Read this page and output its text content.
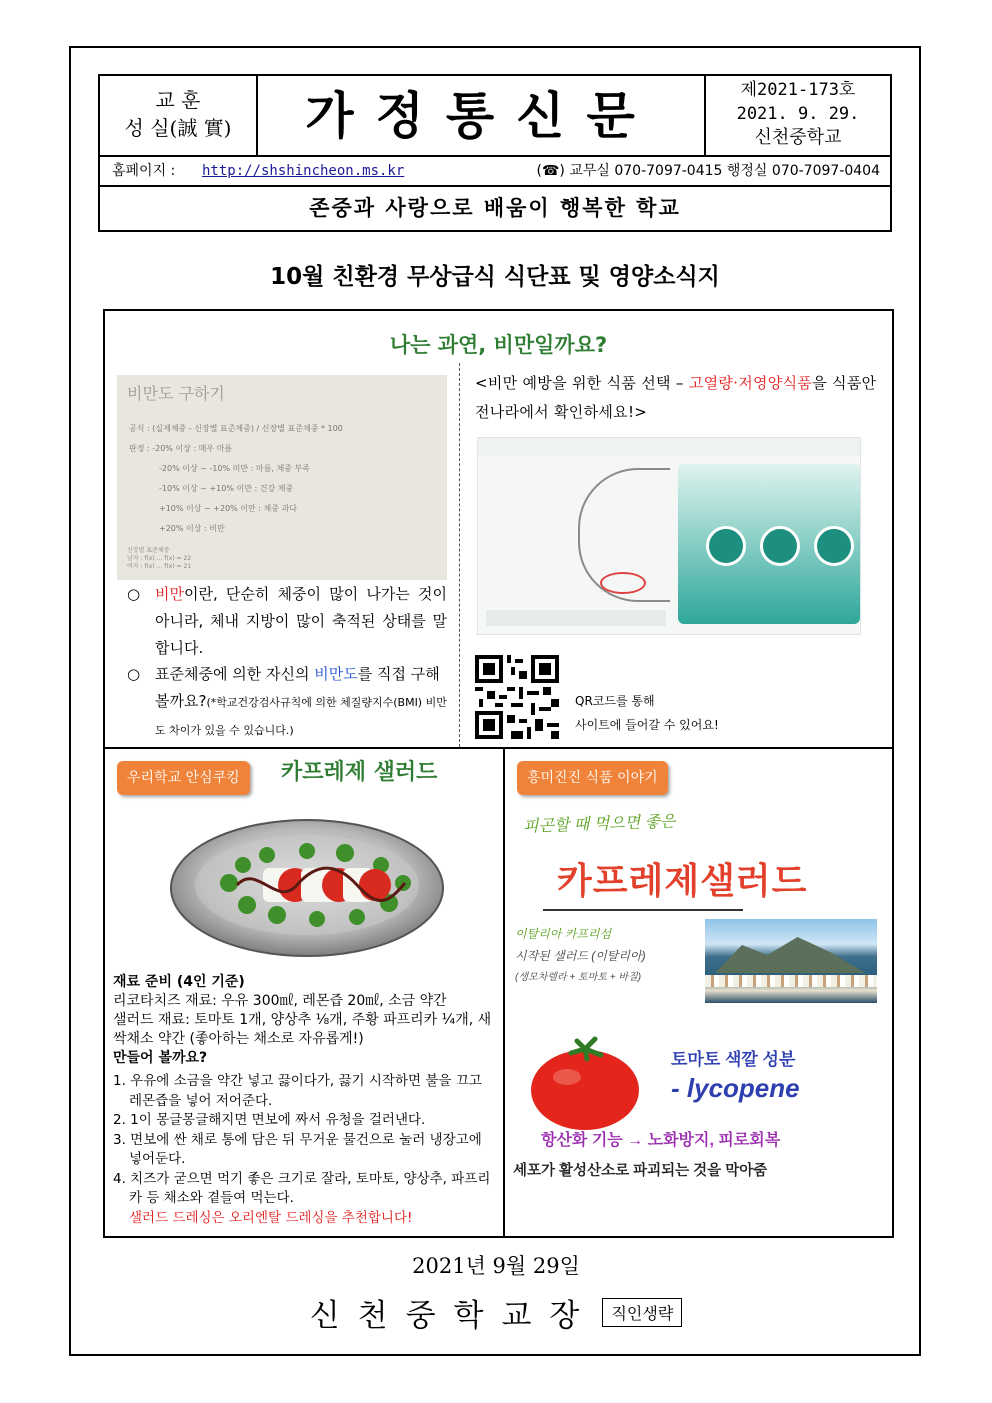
교 훈
성 실(誠 實)	가정통신문	제2021-173호
2021. 9. 29.
신천중학교
홈페이지 : http://shshincheon.ms.kr	(☎) 교무실 070-7097-0415 행정실 070-7097-0404
존중과 사랑으로 배움이 행복한 학교
10월 친환경 무상급식 식단표 및 영양소식지
나는 과연, 비만일까요?
비만도 구하기
공식 : (실제체중 - 신장별 표준체중) / 신장별 표준체중 * 100
판정 : -20% 이상 : 매우 마름
-20% 이상 ~ -10% 미만 : 마름, 체중 부족
-10% 이상 ~ +10% 이만 : 건강 체중
+10% 이상 ~ +20% 이만 : 체중 과다
+20% 이상 : 비만
신장별 표준체중
남자 : f(x) ... f(x) = 22
여자 : f(x) ... f(x) = 21
○ 비만이란, 단순히 체중이 많이 나가는 것이 아니라, 체내 지방이 많이 축적된 상태를 말합니다.
○ 표준체중에 의한 자신의 비만도를 직접 구해볼까요?(*학교건강검사규칙에 의한 체질량지수(BMI) 비만도 차이가 있을 수 있습니다.)
<비만 예방을 위한 식품 선택 – 고열량·저영양식품을 식품안전나라에서 확인하세요!>
QR코드를 통해
사이트에 들어갈 수 있어요!
우리학교 안심쿠킹	카프레제 샐러드
재료 준비 (4인 기준)
리코타치즈 재료: 우유 300㎖, 레몬즙 20㎖, 소금 약간
샐러드 재료: 토마토 1개, 양상추 ⅛개, 주황 파프리카 ¼개, 새싹채소 약간 (좋아하는 채소로 자유롭게!)
만들어 볼까요?
1. 우유에 소금을 약간 넣고 끓이다가, 끓기 시작하면 불을 끄고 레몬즙을 넣어 저어준다.
2. 1이 몽글몽글해지면 면보에 짜서 유청을 걸러낸다.
3. 면보에 싼 채로 통에 담은 뒤 무거운 물건으로 눌러 냉장고에 넣어둔다.
4. 치즈가 굳으면 먹기 좋은 크기로 잘라, 토마토, 양상추, 파프리카 등 채소와 곁들여 먹는다.
샐러드 드레싱은 오리엔탈 드레싱을 추천합니다!
흥미진진 식품 이야기
피곤할 때 먹으면 좋은
카프레제샐러드
이탈리아 카프리섬
시작된 샐러드 (이탈리아)
(생모차렐라 + 토마토 + 바질)
토마토 색깔 성분
- lycopene
항산화 기능 → 노화방지, 피로회복
세포가 활성산소로 파괴되는 것을 막아줌
2021년 9월 29일
신천중학교장 직인생략
